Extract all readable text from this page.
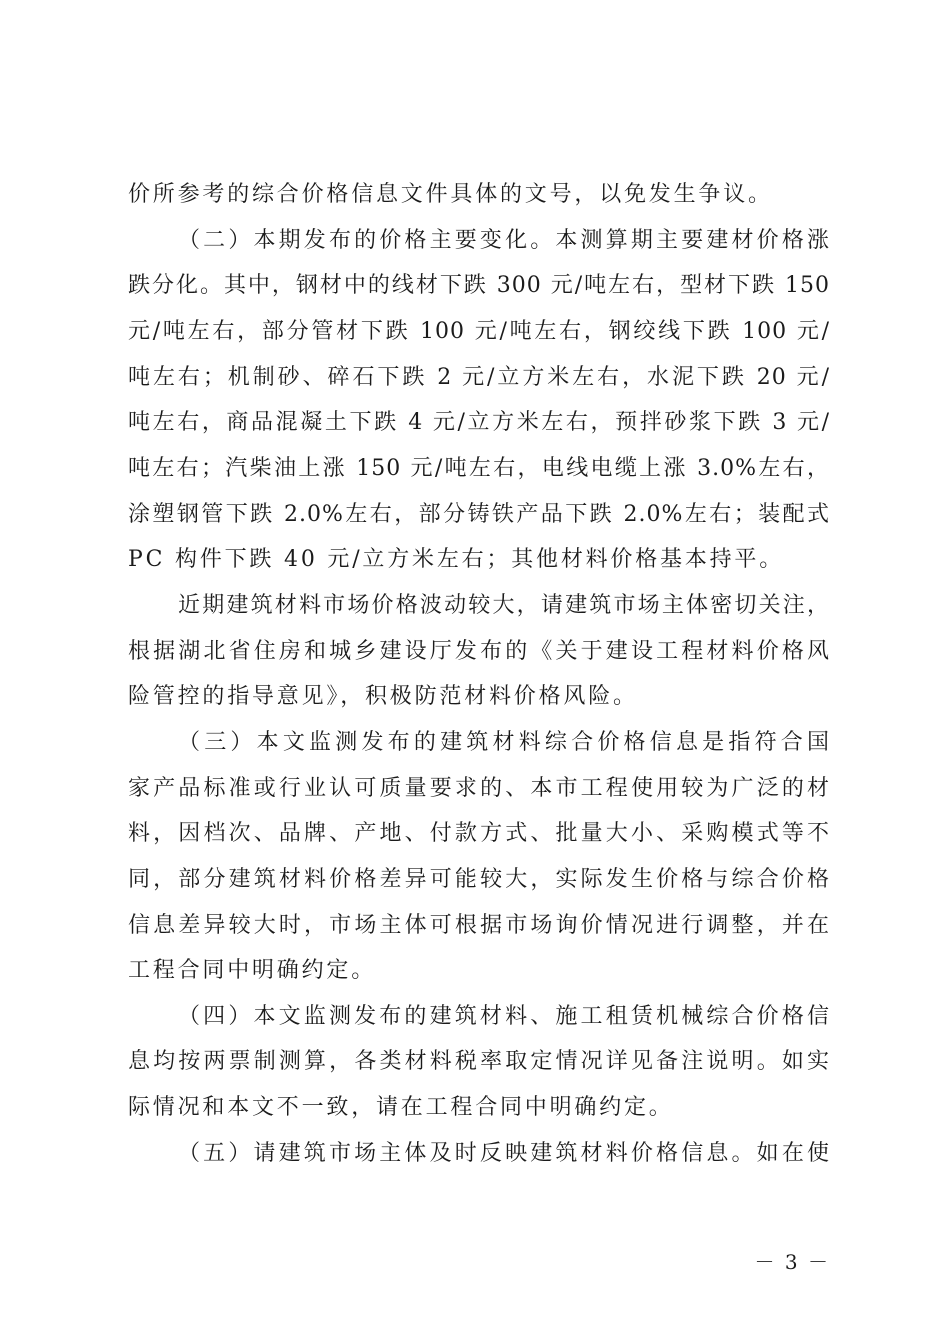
价所参考的综合价格信息文件具体的文号，以免发生争议。
（二）本期发布的价格主要变化。本测算期主要建材价格涨
跌分化。其中，钢材中的线材下跌 300 元/吨左右，型材下跌 150
元/吨左右，部分管材下跌 100 元/吨左右，钢绞线下跌 100 元/
吨左右；机制砂、碎石下跌 2 元/立方米左右，水泥下跌 20 元/
吨左右，商品混凝土下跌 4 元/立方米左右，预拌砂浆下跌 3 元/
吨左右；汽柴油上涨 150 元/吨左右，电线电缆上涨 3.0%左右，
涂塑钢管下跌 2.0%左右，部分铸铁产品下跌 2.0%左右；装配式
PC 构件下跌 40 元/立方米左右；其他材料价格基本持平。
近期建筑材料市场价格波动较大，请建筑市场主体密切关注，
根据湖北省住房和城乡建设厅发布的《关于建设工程材料价格风
险管控的指导意见》，积极防范材料价格风险。
（三）本文监测发布的建筑材料综合价格信息是指符合国
家产品标准或行业认可质量要求的、本市工程使用较为广泛的材
料，因档次、品牌、产地、付款方式、批量大小、采购模式等不
同，部分建筑材料价格差异可能较大，实际发生价格与综合价格
信息差异较大时，市场主体可根据市场询价情况进行调整，并在
工程合同中明确约定。
（四）本文监测发布的建筑材料、施工租赁机械综合价格信
息均按两票制测算，各类材料税率取定情况详见备注说明。如实
际情况和本文不一致，请在工程合同中明确约定。
（五）请建筑市场主体及时反映建筑材料价格信息。如在使
－ 3 －
